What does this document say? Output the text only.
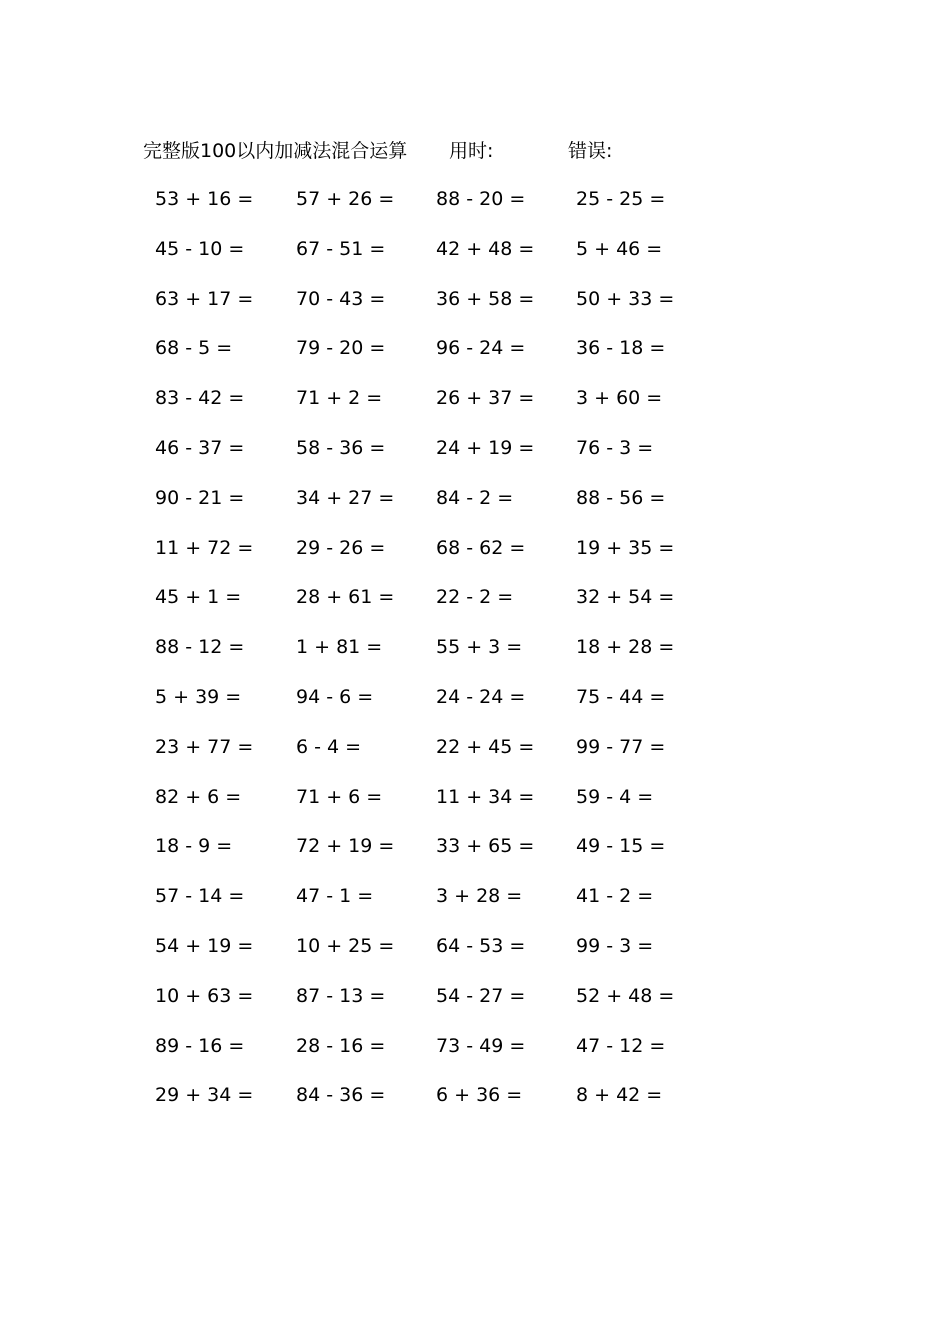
完整版100以内加减法混合运算 用时:	错误:
53 + 16 = 57 + 26 = 88 - 20 =	25 - 25 =
45 - 10 =	67 - 51 =	42 + 48 = 5 + 46 =
63 + 17 = 70 - 43 =	36 + 58 = 50 + 33 =
68 - 5 =	79 - 20 =	96 - 24 =	36 - 18 =
83 - 42 =	71 + 2 =	26 + 37 = 3 + 60 =
46 - 37 =	58 - 36 =	24 + 19 = 76 - 3 =
90 - 21 =	34 + 27 = 84 - 2 =	88 - 56 =
11 + 72 = 29 - 26 =	68 - 62 =	19 + 35 =
45 + 1 =	28 + 61 = 22 - 2 =	32 + 54 =
88 - 12 =	1 + 81 =	55 + 3 =	18 + 28 =
5 + 39 =	94 - 6 =	24 - 24 =	75 - 44 =
23 + 77 = 6 - 4 =	22 + 45 = 99 - 77 =
82 + 6 =	71 + 6 =	11 + 34 = 59 - 4 =
18 - 9 =	72 + 19 = 33 + 65 = 49 - 15 =
57 - 14 =	47 - 1 =	3 + 28 =	41 - 2 =
54 + 19 = 10 + 25 = 64 - 53 =	99 - 3 =
10 + 63 = 87 - 13 =	54 - 27 =	52 + 48 =
89 - 16 =	28 - 16 =	73 - 49 =	47 - 12 =
29 + 34 = 84 - 36 =	6 + 36 =	8 + 42 =
